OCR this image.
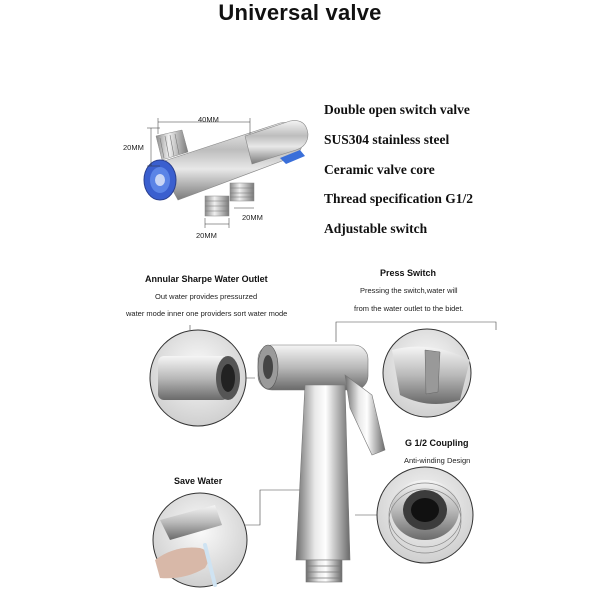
Universal valve
40MM
20MM
20MM
20MM
Double open switch valve
SUS304 stainless steel
Ceramic valve core
Thread specification G1/2
Adjustable switch
Annular Sharpe Water Outlet
Out water provides pressurzed
water mode inner one providers sort water mode
Press Switch
Pressing the switch,water will
from the water outlet to the bidet.
G 1/2 Coupling
Anti-winding Design
Save Water
